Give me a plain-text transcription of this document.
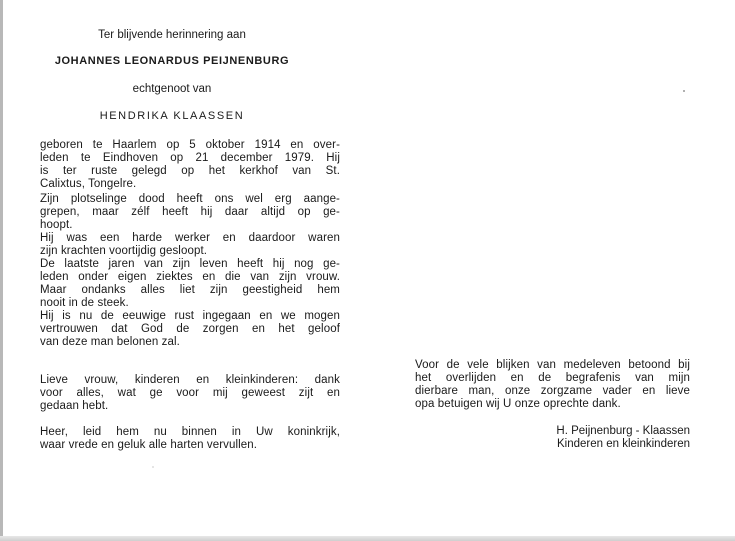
Ter blijvende herinnering aan
JOHANNES LEONARDUS PEIJNENBURG
echtgenoot van
HENDRIKA KLAASSEN
geboren te Haarlem op 5 oktober 1914 en over-
leden te Eindhoven op 21 december 1979. Hij
is ter ruste gelegd op het kerkhof van St.
Calixtus, Tongelre.
Zijn plotselinge dood heeft ons wel erg aange-
grepen, maar zélf heeft hij daar altijd op ge-
hoopt.
Hij was een harde werker en daardoor waren
zijn krachten voortijdig gesloopt.
De laatste jaren van zijn leven heeft hij nog ge-
leden onder eigen ziektes en die van zijn vrouw.
Maar ondanks alles liet zijn geestigheid hem
nooit in de steek.
Hij is nu de eeuwige rust ingegaan en we mogen
vertrouwen dat God de zorgen en het geloof
van deze man belonen zal.
Lieve vrouw, kinderen en kleinkinderen: dank
voor alles, wat ge voor mij geweest zijt en
gedaan hebt.
Heer, leid hem nu binnen in Uw koninkrijk,
waar vrede en geluk alle harten vervullen.
Voor de vele blijken van medeleven betoond bij
het overlijden en de begrafenis van mijn
dierbare man, onze zorgzame vader en lieve
opa betuigen wij U onze oprechte dank.
H. Peijnenburg - Klaassen
Kinderen en kleinkinderen
